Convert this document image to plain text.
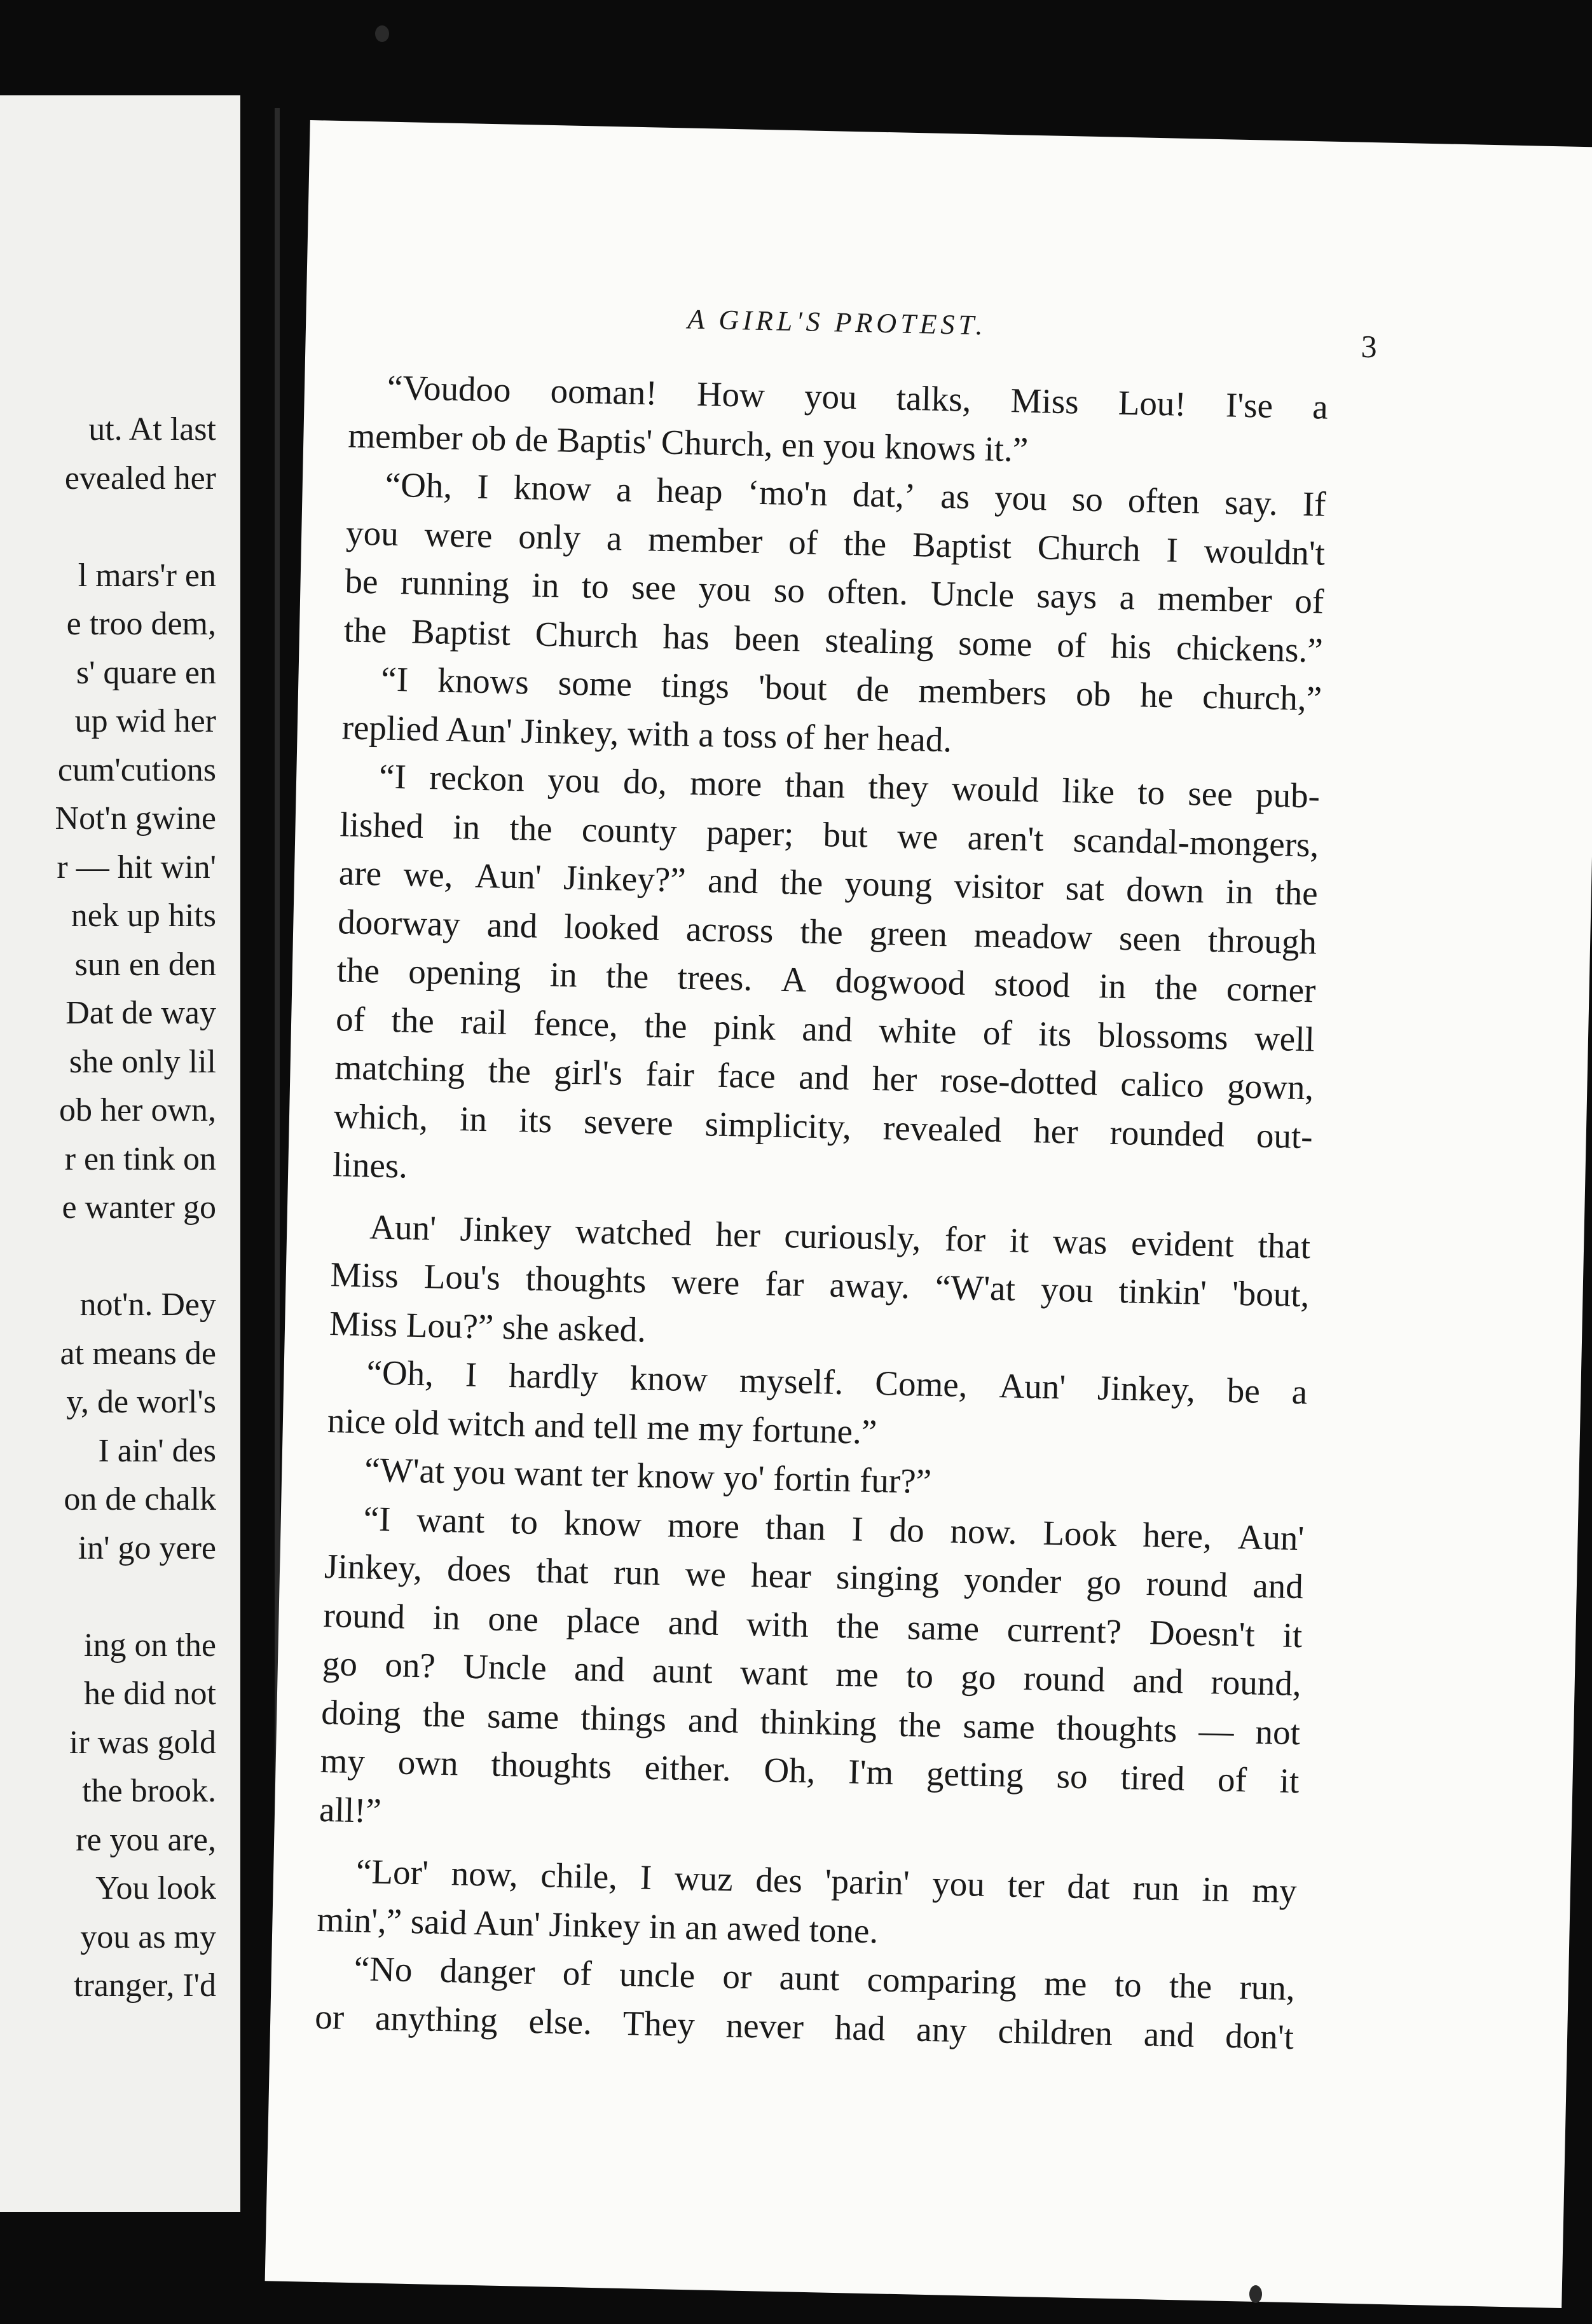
ut. At last
evealed her
l mars'r en
e troo dem,
s' quare en
up wid her
cum'cutions
Not'n gwine
r — hit win'
nek up hits
sun en den
Dat de way
she only lil
ob her own,
r en tink on
e wanter go
not'n. Dey
at means de
y, de worl's
I ain' des
on de chalk
in' go yere
ing on the
he did not
ir was gold
the brook.
re you are,
You look
you as my
tranger, I'd
A GIRL'S PROTEST.
3
“Voudoo ooman! How you talks, Miss Lou! I'se a
member ob de Baptis' Church, en you knows it.”
“Oh, I know a heap ‘mo'n dat,’ as you so often say. If
you were only a member of the Baptist Church I wouldn't
be running in to see you so often. Uncle says a member of
the Baptist Church has been stealing some of his chickens.”
“I knows some tings 'bout de members ob he church,”
replied Aun' Jinkey, with a toss of her head.
“I reckon you do, more than they would like to see pub-
lished in the county paper; but we aren't scandal-mongers,
are we, Aun' Jinkey?” and the young visitor sat down in the
doorway and looked across the green meadow seen through
the opening in the trees. A dogwood stood in the corner
of the rail fence, the pink and white of its blossoms well
matching the girl's fair face and her rose-dotted calico gown,
which, in its severe simplicity, revealed her rounded out-
lines.
Aun' Jinkey watched her curiously, for it was evident that
Miss Lou's thoughts were far away. “W'at you tinkin' 'bout,
Miss Lou?” she asked.
“Oh, I hardly know myself. Come, Aun' Jinkey, be a
nice old witch and tell me my fortune.”
“W'at you want ter know yo' fortin fur?”
“I want to know more than I do now. Look here, Aun'
Jinkey, does that run we hear singing yonder go round and
round in one place and with the same current? Doesn't it
go on? Uncle and aunt want me to go round and round,
doing the same things and thinking the same thoughts — not
my own thoughts either. Oh, I'm getting so tired of it
all!”
“Lor' now, chile, I wuz des 'parin' you ter dat run in my
min',” said Aun' Jinkey in an awed tone.
“No danger of uncle or aunt comparing me to the run,
or anything else. They never had any children and don't
